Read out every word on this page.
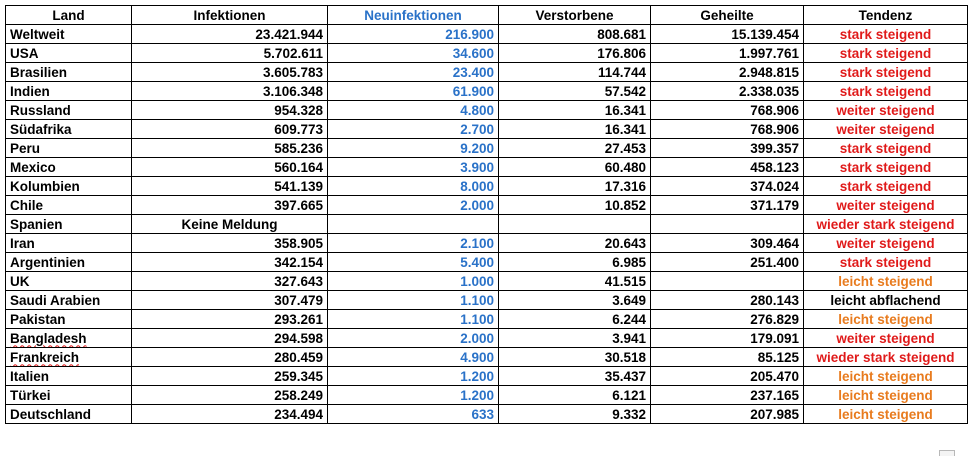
Land	Infektionen	Neuinfektionen	Verstorbene	Geheilte	Tendenz
Weltweit	23.421.944	216.900	808.681	15.139.454	stark steigend
USA	5.702.611	34.600	176.806	1.997.761	stark steigend
Brasilien	3.605.783	23.400	114.744	2.948.815	stark steigend
Indien	3.106.348	61.900	57.542	2.338.035	stark steigend
Russland	954.328	4.800	16.341	768.906	weiter steigend
Südafrika	609.773	2.700	16.341	768.906	weiter steigend
Peru	585.236	9.200	27.453	399.357	stark steigend
Mexico	560.164	3.900	60.480	458.123	stark steigend
Kolumbien	541.139	8.000	17.316	374.024	stark steigend
Chile	397.665	2.000	10.852	371.179	weiter steigend
Spanien	Keine Meldung				wieder stark steigend
Iran	358.905	2.100	20.643	309.464	weiter steigend
Argentinien	342.154	5.400	6.985	251.400	stark steigend
UK	327.643	1.000	41.515		leicht steigend
Saudi Arabien	307.479	1.100	3.649	280.143	leicht abflachend
Pakistan	293.261	1.100	6.244	276.829	leicht steigend
Bangladesh	294.598	2.000	3.941	179.091	weiter steigend
Frankreich	280.459	4.900	30.518	85.125	wieder stark steigend
Italien	259.345	1.200	35.437	205.470	leicht steigend
Türkei	258.249	1.200	6.121	237.165	leicht steigend
Deutschland	234.494	633	9.332	207.985	leicht steigend
